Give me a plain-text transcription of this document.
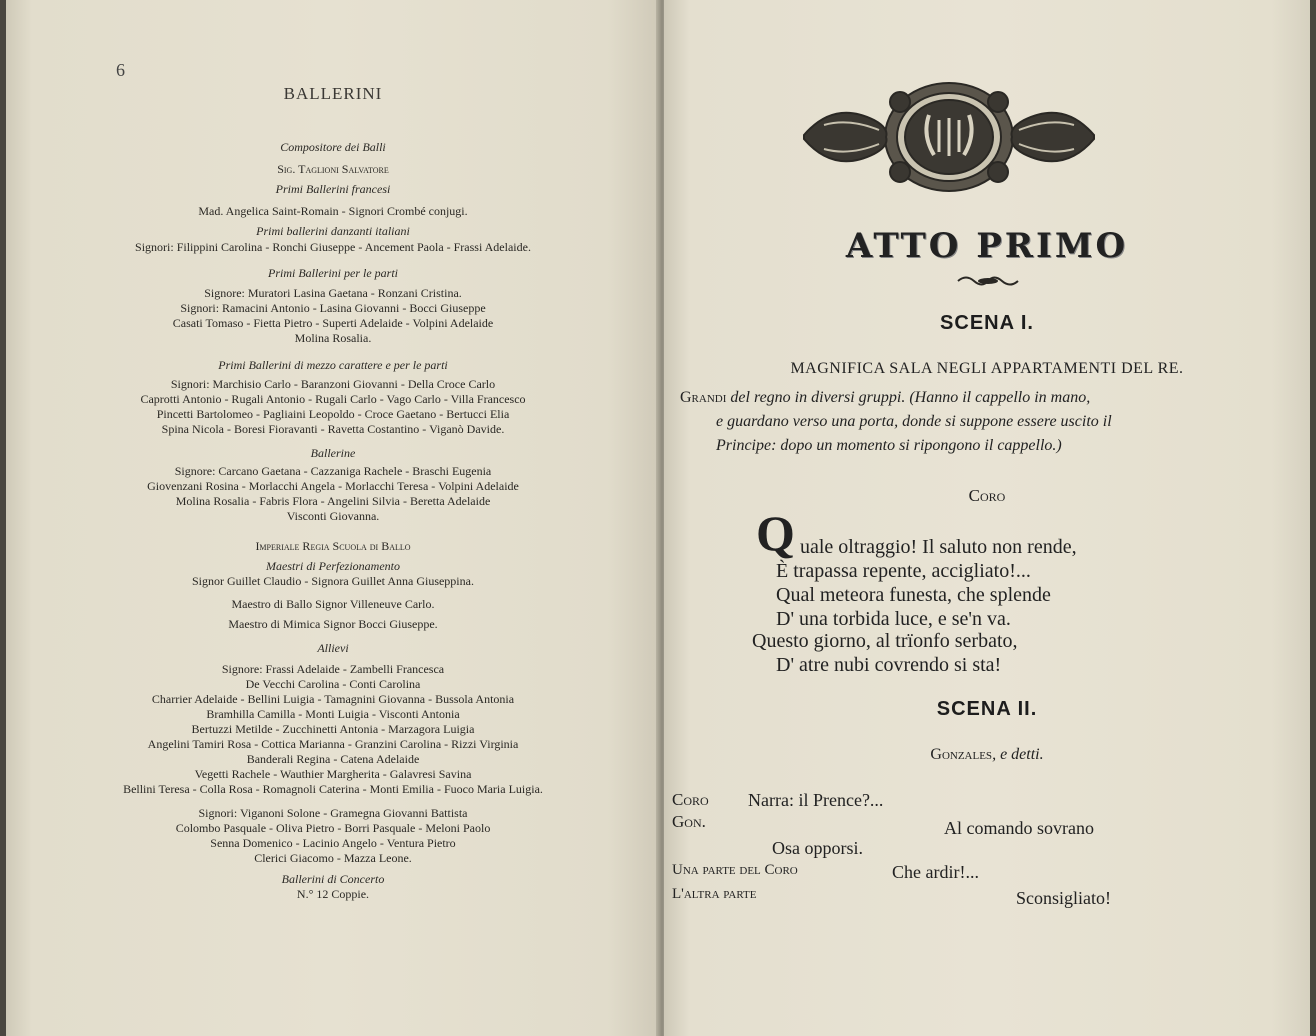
6
BALLERINI
Compositore dei Balli
Sig. Taglioni Salvatore
Primi Ballerini francesi
Mad. Angelica Saint-Romain - Signori Crombé conjugi.
Primi ballerini danzanti italiani
Signori: Filippini Carolina - Ronchi Giuseppe - Ancement Paola - Frassi Adelaide.
Primi Ballerini per le parti
Signore: Muratori Lasina Gaetana - Ronzani Cristina.
Signori: Ramacini Antonio - Lasina Giovanni - Bocci Giuseppe
Casati Tomaso - Fietta Pietro - Superti Adelaide - Volpini Adelaide
Molina Rosalia.
Primi Ballerini di mezzo carattere e per le parti
Signori: Marchisio Carlo - Baranzoni Giovanni - Della Croce Carlo
Caprotti Antonio - Rugali Antonio - Rugali Carlo - Vago Carlo - Villa Francesco
Pincetti Bartolomeo - Pagliaini Leopoldo - Croce Gaetano - Bertucci Elia
Spina Nicola - Boresi Fioravanti - Ravetta Costantino - Viganò Davide.
Ballerine
Signore: Carcano Gaetana - Cazzaniga Rachele - Braschi Eugenia
Giovenzani Rosina - Morlacchi Angela - Morlacchi Teresa - Volpini Adelaide
Molina Rosalia - Fabris Flora - Angelini Silvia - Beretta Adelaide
Visconti Giovanna.
Imperiale Regia Scuola di Ballo
Maestri di Perfezionamento
Signor Guillet Claudio - Signora Guillet Anna Giuseppina.
Maestro di Ballo Signor Villeneuve Carlo.
Maestro di Mimica Signor Bocci Giuseppe.
Allievi
Signore: Frassi Adelaide - Zambelli Francesca
De Vecchi Carolina - Conti Carolina
Charrier Adelaide - Bellini Luigia - Tamagnini Giovanna - Bussola Antonia
Bramhilla Camilla - Monti Luigia - Visconti Antonia
Bertuzzi Metilde - Zucchinetti Antonia - Marzagora Luigia
Angelini Tamiri Rosa - Cottica Marianna - Granzini Carolina - Rizzi Virginia
Banderali Regina - Catena Adelaide
Vegetti Rachele - Wauthier Margherita - Galavresi Savina
Bellini Teresa - Colla Rosa - Romagnoli Caterina - Monti Emilia - Fuoco Maria Luigia.
Signori: Viganoni Solone - Gramegna Giovanni Battista
Colombo Pasquale - Oliva Pietro - Borri Pasquale - Meloni Paolo
Senna Domenico - Lacinio Angelo - Ventura Pietro
Clerici Giacomo - Mazza Leone.
Ballerini di Concerto
N.° 12 Coppie.
ATTO PRIMO
SCENA I.
MAGNIFICA SALA NEGLI APPARTAMENTI DEL RE.
Grandi del regno in diversi gruppi. (Hanno il cappello in mano,
e guardano verso una porta, donde si suppone essere uscito il
Principe: dopo un momento si ripongono il cappello.)
Coro
Q uale oltraggio! Il saluto non rende,
È trapassa repente, accigliato!...
Qual meteora funesta, che splende
D' una torbida luce, e se'n va.
Questo giorno, al trïonfo serbato,
D' atre nubi covrendo si sta!
SCENA II.
Gonzales, e detti.
Coro Narra: il Prence?...
Gon.	Al comando sovrano
Osa opporsi.
Una parte del Coro	Che ardir!...
L'altra parte	Sconsigliato!
